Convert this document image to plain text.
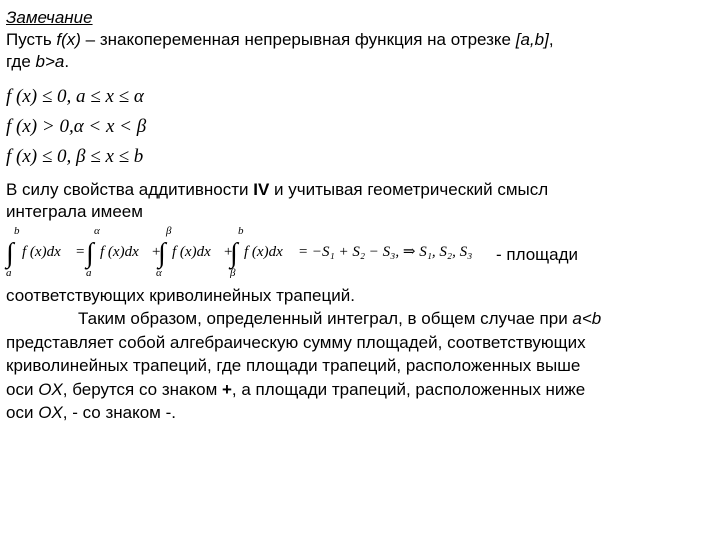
Замечание
Пусть f(x) – знакопеременная непрерывная функция на отрезке [a,b],
где b>a.
f (x) ≤ 0, a ≤ x ≤ α
f (x) > 0,α < x < β
f (x) ≤ 0, β ≤ x ≤ b
В силу свойства аддитивности IV и учитывая геометрический смысл
интеграла имеем
∫
b
a
f (x)dx = ∫
α
a
f (x)dx +
∫
β
α
f (x)dx +
∫
b
β
f (x)dx = −S₁ + S₂ − S₃, ⇒ S₁, S₂, S₃ - площади
соответствующих криволинейных трапеций.
Таким образом, определенный интеграл, в общем случае при a<b
представляет собой алгебраическую сумму площадей, соответствующих
криволинейных трапеций, где площади трапеций, расположенных выше
оси OX, берутся со знаком +, а площади трапеций, расположенных ниже
оси OX, - со знаком -.
